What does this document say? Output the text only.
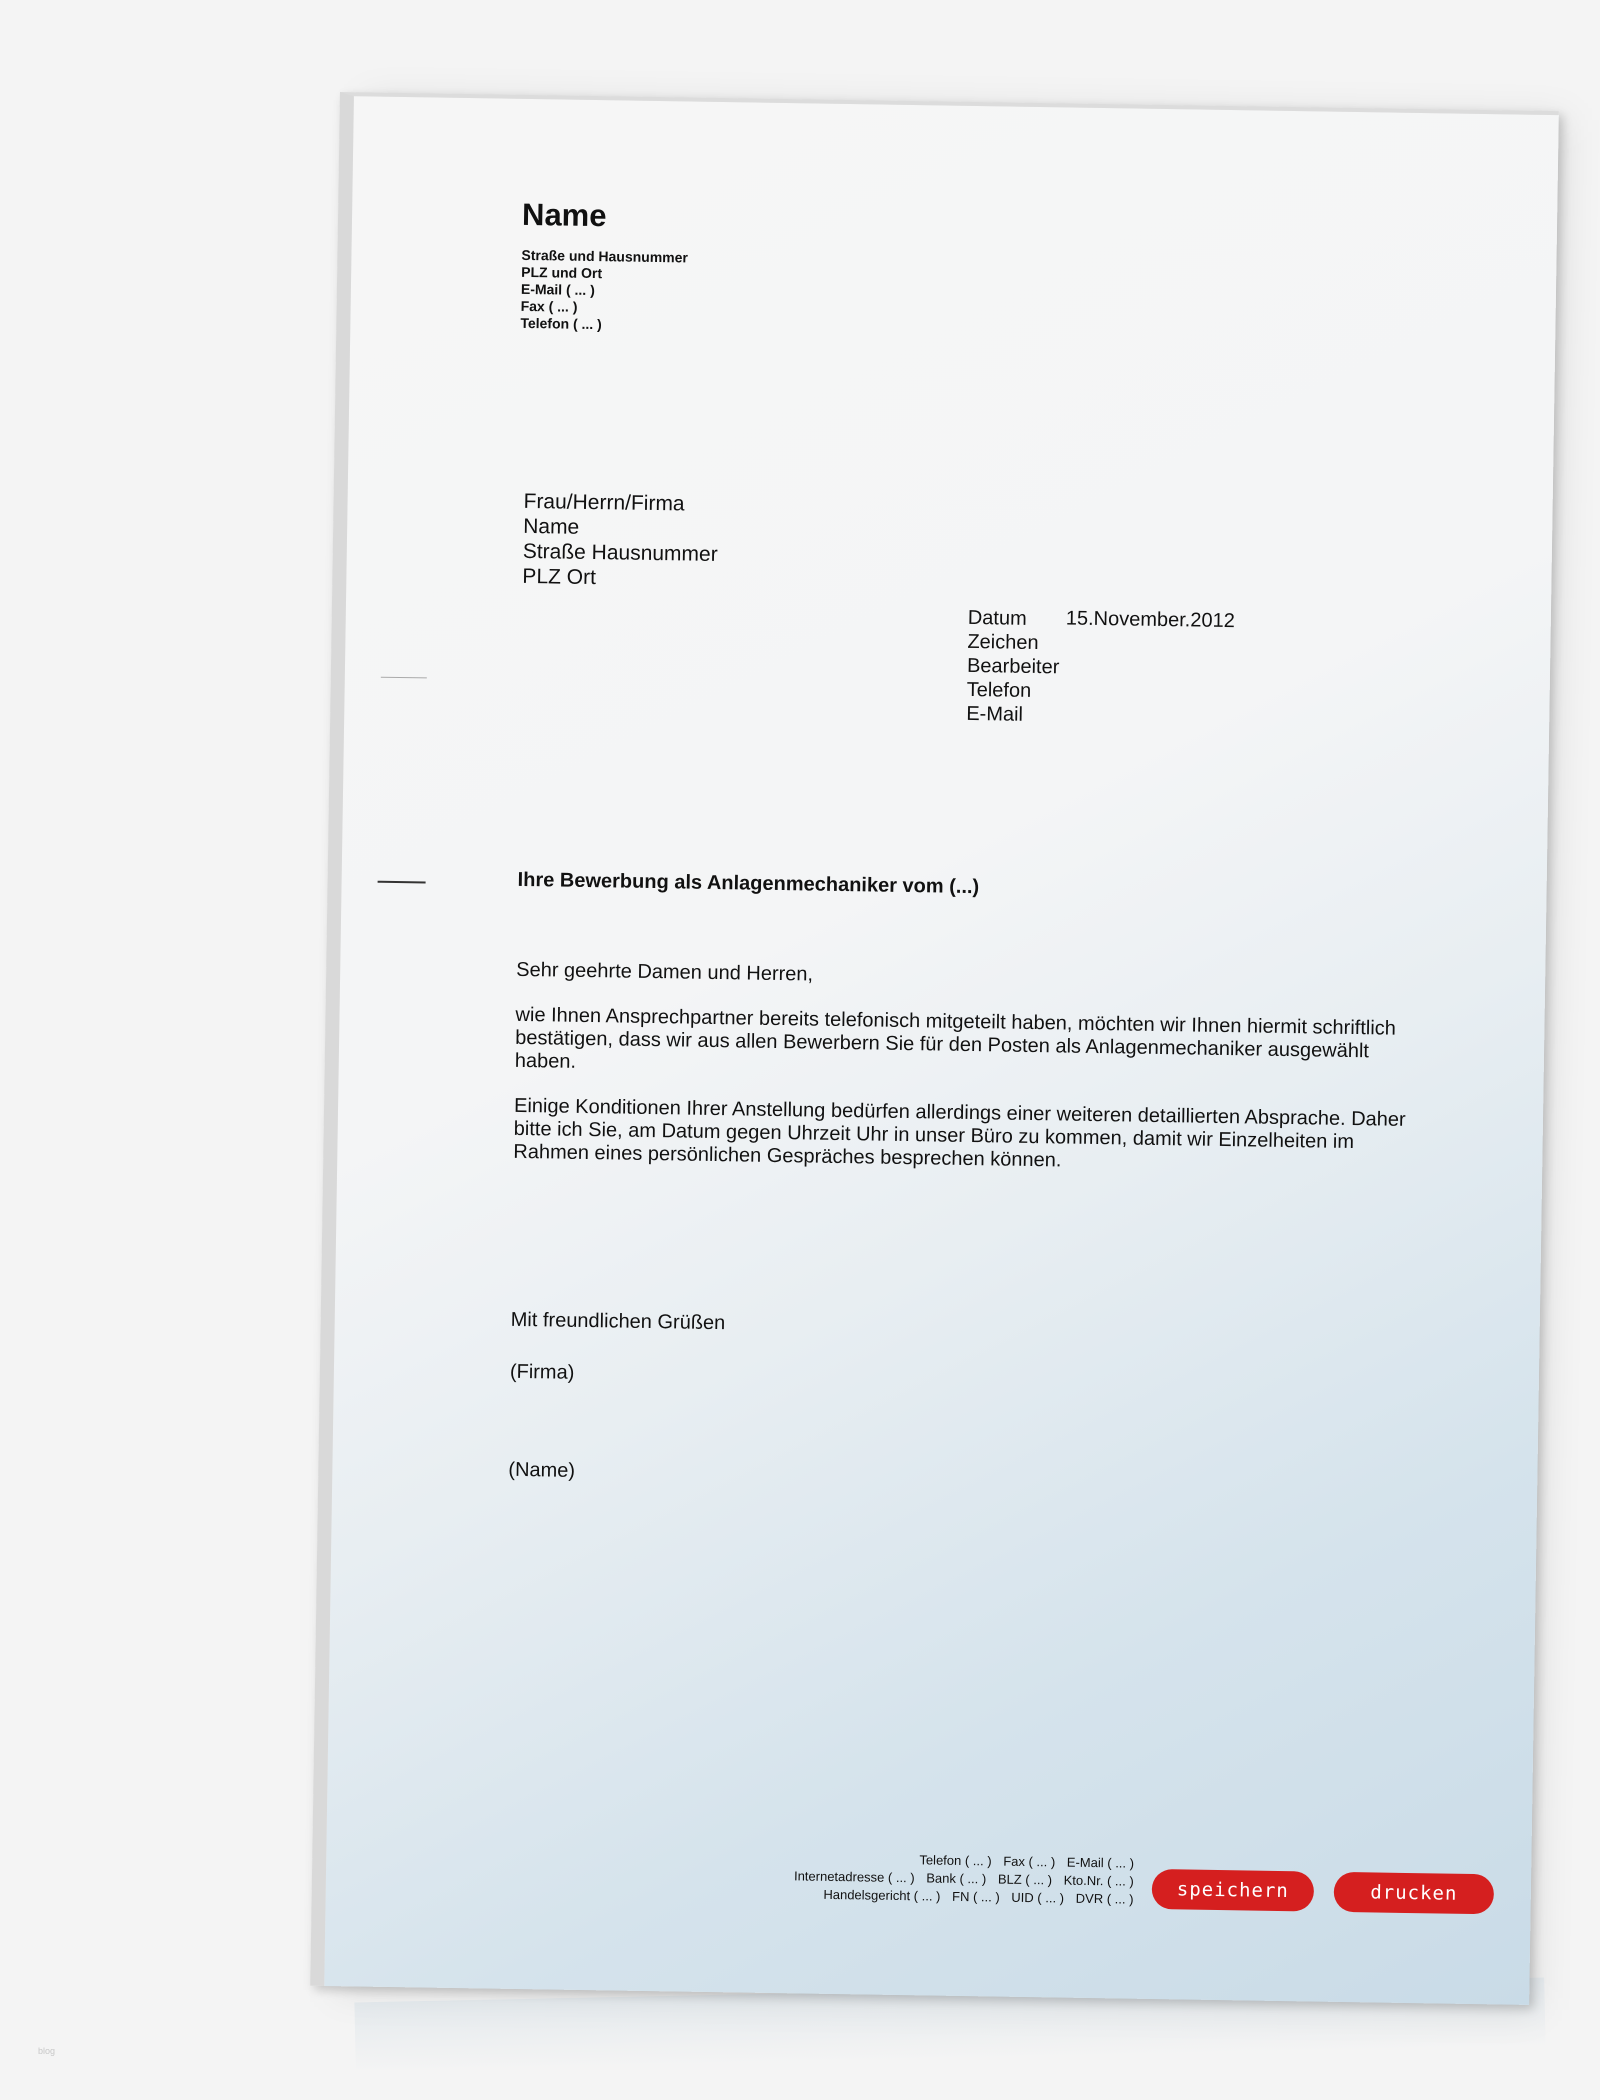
Name
Straße und Hausnummer
PLZ und Ort
E-Mail ( ... )
Fax ( ... )
Telefon ( ... )
Frau/Herrn/Firma
Name
Straße Hausnummer
PLZ Ort
Datum
Zeichen
Bearbeiter
Telefon
E-Mail
15.November.2012
Ihre Bewerbung als Anlagenmechaniker vom (...)

Sehr geehrte Damen und Herren,

wie Ihnen Ansprechpartner bereits telefonisch mitgeteilt haben, möchten wir Ihnen hiermit schriftlich bestätigen, dass wir aus allen Bewerbern Sie für den Posten als Anlagenmechaniker ausgewählt haben.

Einige Konditionen Ihrer Anstellung bedürfen allerdings einer weiteren detaillierten Absprache. Daher bitte ich Sie, am Datum gegen Uhrzeit Uhr in unser Büro zu kommen, damit wir Einzelheiten im Rahmen eines persönlichen Gespräches besprechen können.

Mit freundlichen Grüßen
(Firma)
(Name)
Telefon ( ... ) Fax ( ... ) E-Mail ( ... )
Internetadresse ( ... ) Bank ( ... ) BLZ ( ... ) Kto.Nr. ( ... )
Handelsgericht ( ... ) FN ( ... ) UID ( ... ) DVR ( ... )	speichern	drucken
blog
